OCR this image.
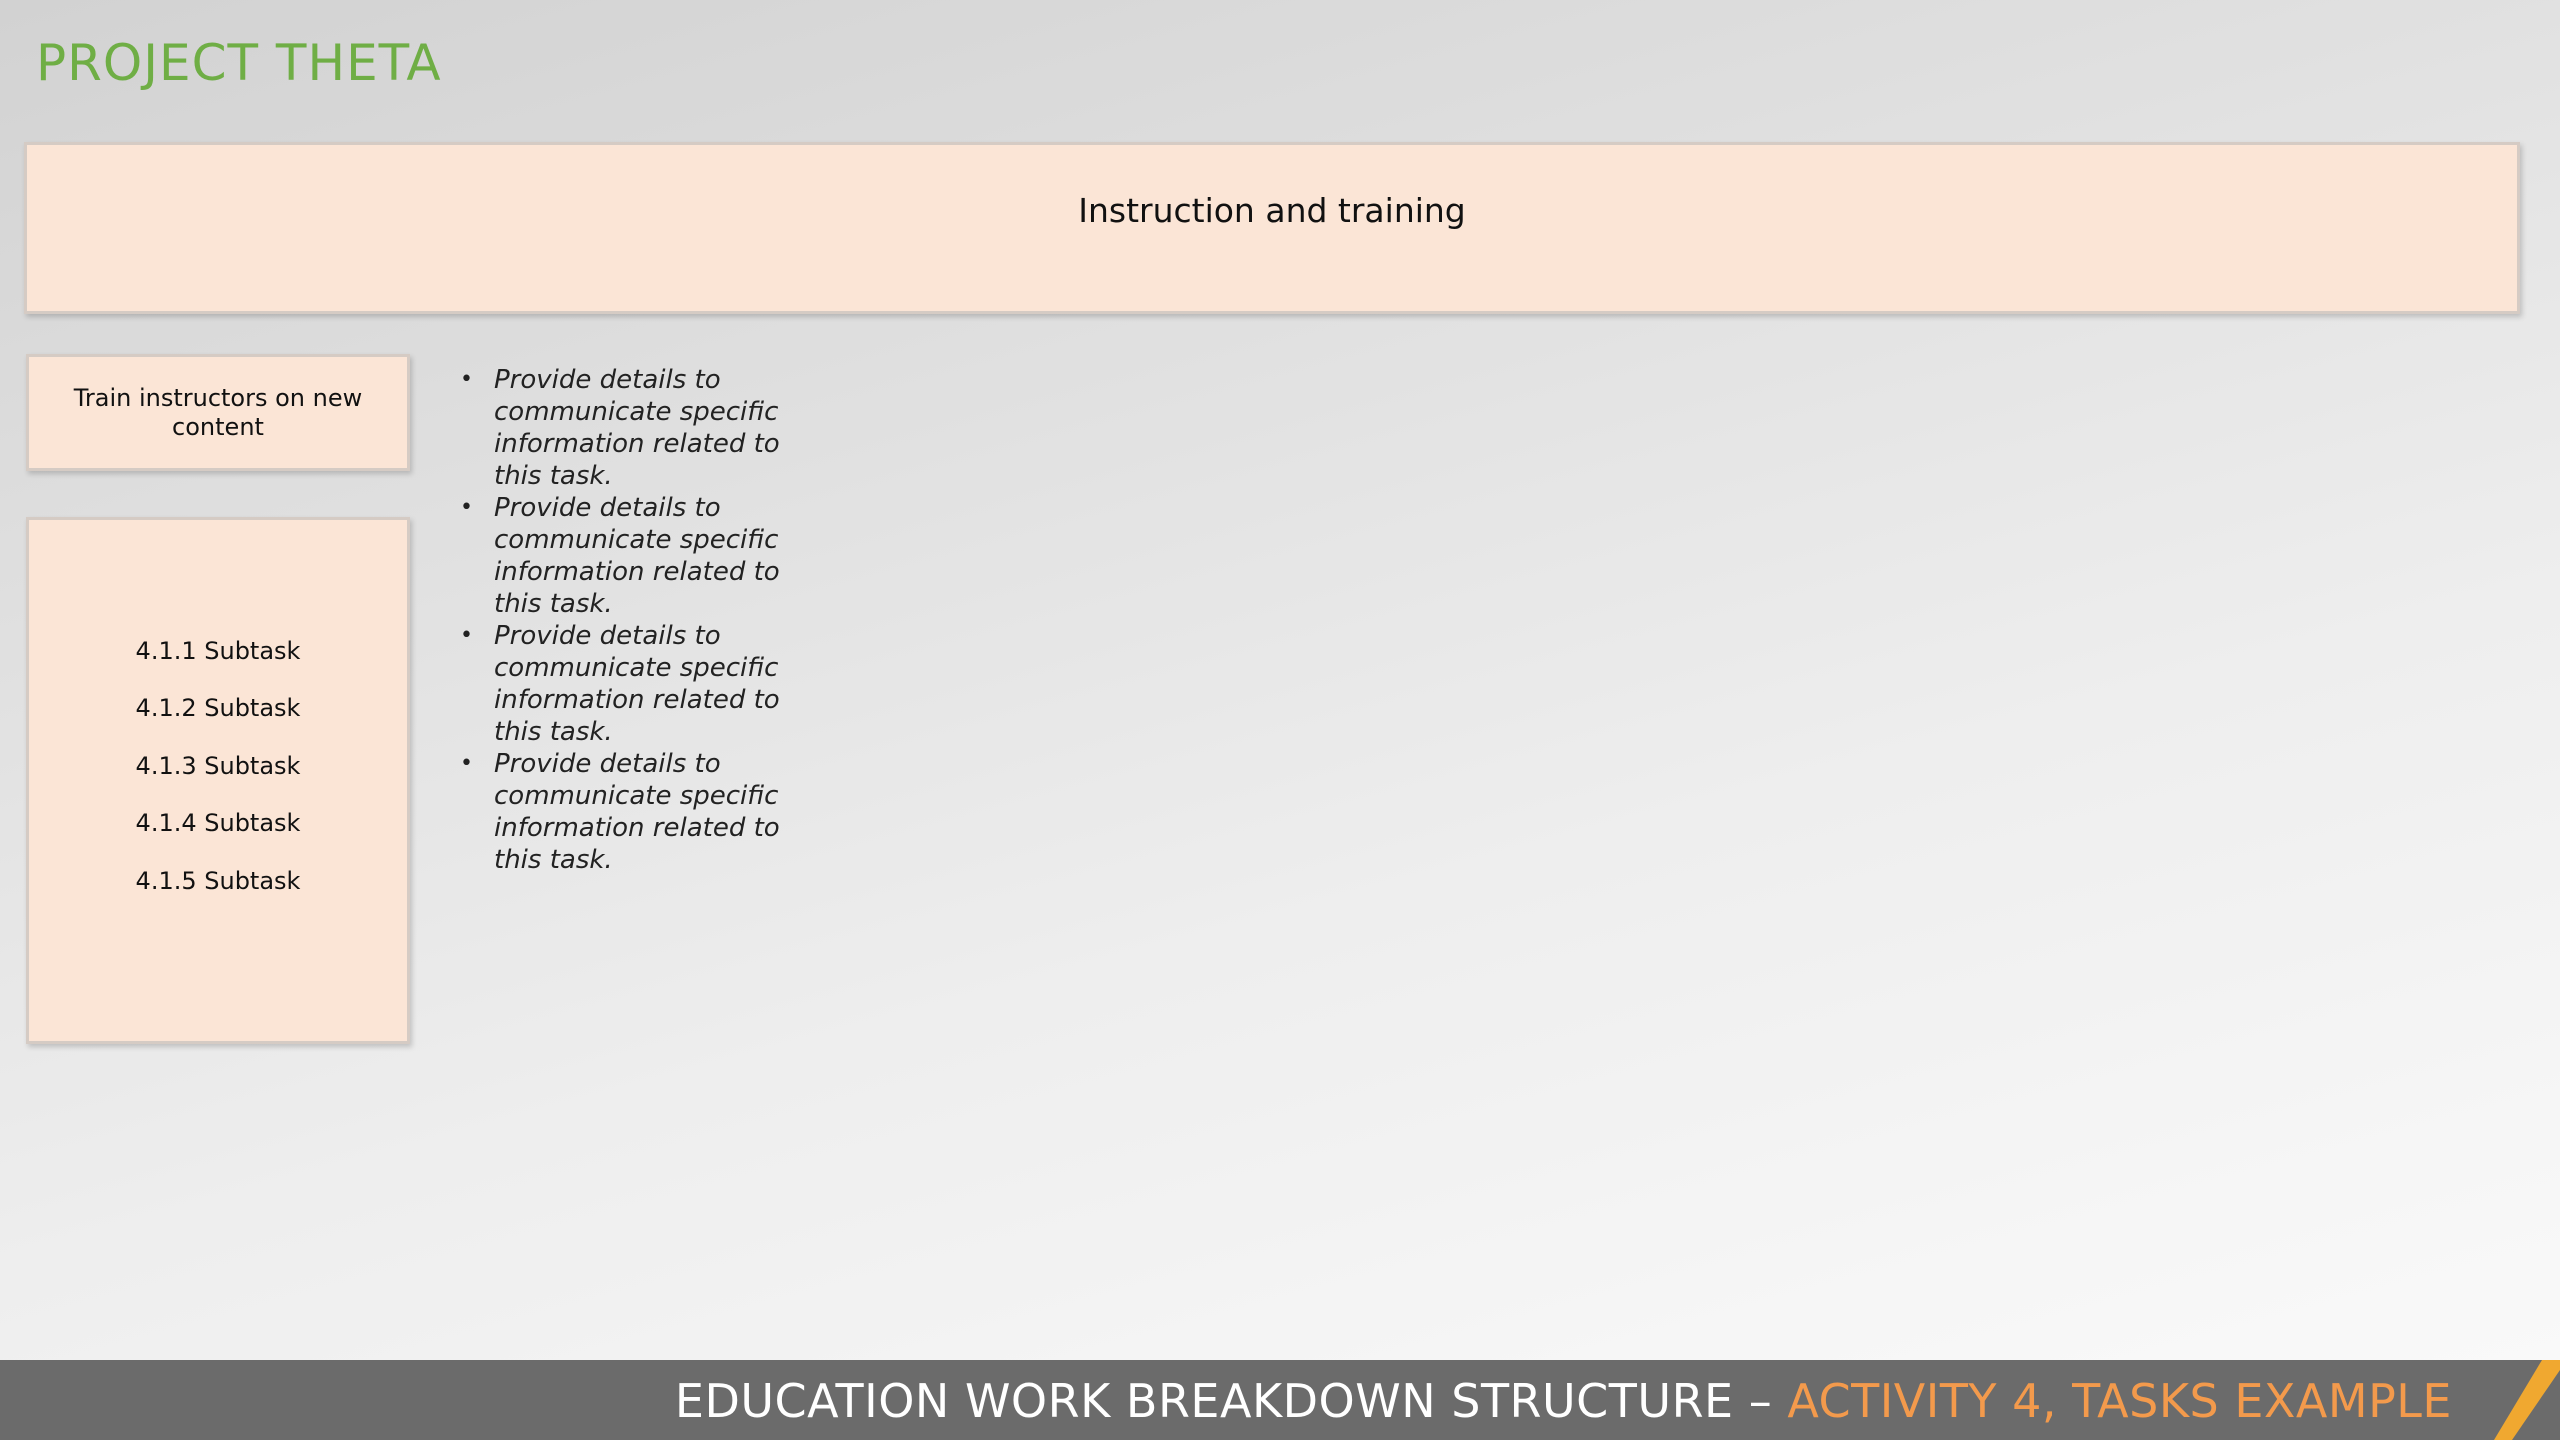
PROJECT THETA
Instruction and training
Train instructors on new content
4.1.1 Subtask
4.1.2 Subtask
4.1.3 Subtask
4.1.4 Subtask
4.1.5 Subtask
• Provide details to communicate specific information related to this task.
• Provide details to communicate specific information related to this task.
• Provide details to communicate specific information related to this task.
• Provide details to communicate specific information related to this task.
EDUCATION WORK BREAKDOWN STRUCTURE – ACTIVITY 4, TASKS EXAMPLE
